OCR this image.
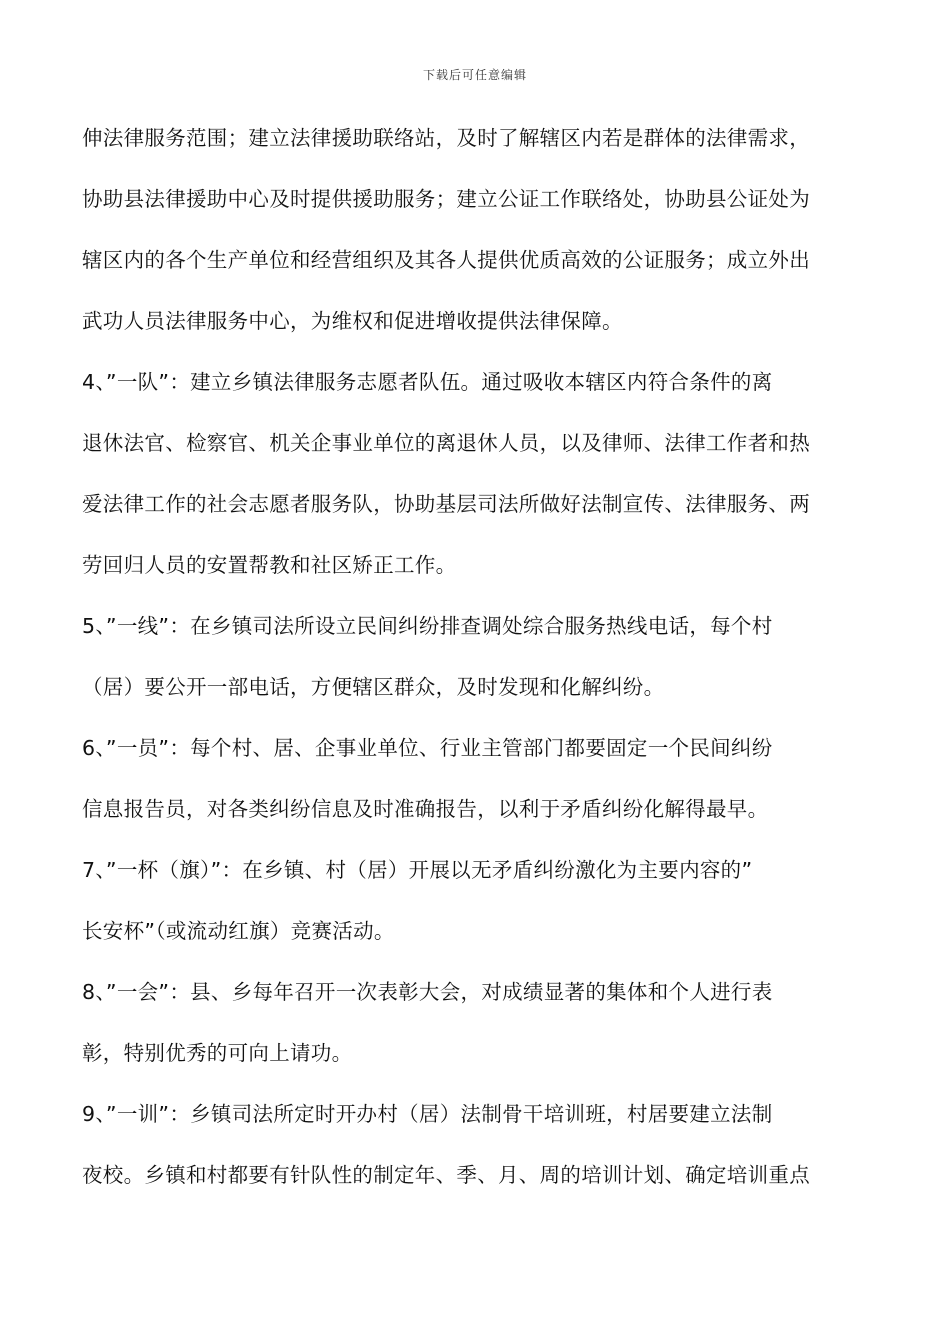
下载后可任意编辑
伸法律服务范围；建立法律援助联络站，及时了解辖区内若是群体的法律需求，
协助县法律援助中心及时提供援助服务；建立公证工作联络处，协助县公证处为
辖区内的各个生产单位和经营组织及其各人提供优质高效的公证服务；成立外出
武功人员法律服务中心，为维权和促进增收提供法律保障。
4、”一队”：建立乡镇法律服务志愿者队伍。通过吸收本辖区内符合条件的离
退休法官、检察官、机关企事业单位的离退休人员，以及律师、法律工作者和热
爱法律工作的社会志愿者服务队，协助基层司法所做好法制宣传、法律服务、两
劳回归人员的安置帮教和社区矫正工作。
5、”一线”：在乡镇司法所设立民间纠纷排查调处综合服务热线电话，每个村
（居）要公开一部电话，方便辖区群众，及时发现和化解纠纷。
6、”一员”：每个村、居、企事业单位、行业主管部门都要固定一个民间纠纷
信息报告员，对各类纠纷信息及时准确报告，以利于矛盾纠纷化解得最早。
7、”一杯（旗）”：在乡镇、村（居）开展以无矛盾纠纷激化为主要内容的”
长安杯”（或流动红旗）竞赛活动。
8、”一会”：县、乡每年召开一次表彰大会，对成绩显著的集体和个人进行表
彰，特别优秀的可向上请功。
9、”一训”：乡镇司法所定时开办村（居）法制骨干培训班，村居要建立法制
夜校。乡镇和村都要有针队性的制定年、季、月、周的培训计划、确定培训重点
